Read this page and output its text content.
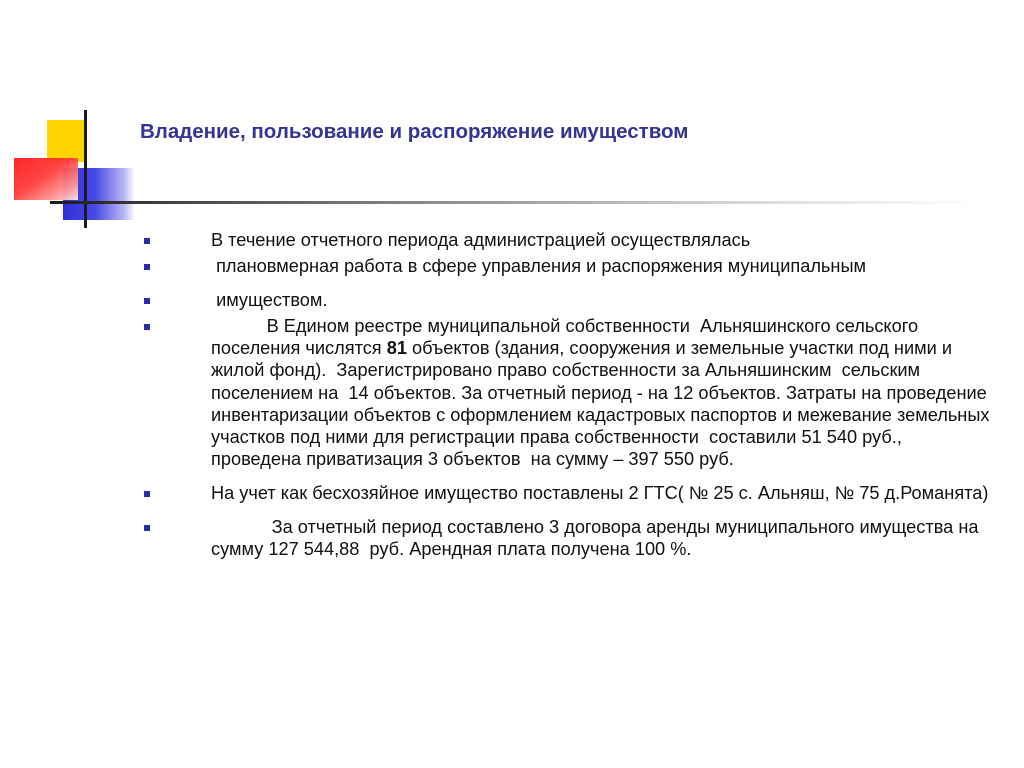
Владение, пользование и распоряжение имуществом
В течение отчетного периода администрацией осуществлялась
плановмерная работа в сфере управления и распоряжения муниципальным
имуществом.
В Едином реестре муниципальной собственности  Альняшинского сельского поселения числятся 81 объектов (здания, сооружения и земельные участки под ними и жилой фонд).  Зарегистрировано право собственности за Альняшинским  сельским поселением на  14 объектов. За отчетный период - на 12 объектов. Затраты на проведение инвентаризации объектов с оформлением кадастровых паспортов и межевание земельных участков под ними для регистрации права собственности  составили 51 540 руб., проведена приватизация 3 объектов  на сумму – 397 550 руб.
На учет как бесхозяйное имущество поставлены 2 ГТС( № 25 с. Альняш, № 75 д.Романята)
За отчетный период составлено 3 договора аренды муниципального имущества на сумму 127 544,88  руб. Арендная плата получена 100 %.
